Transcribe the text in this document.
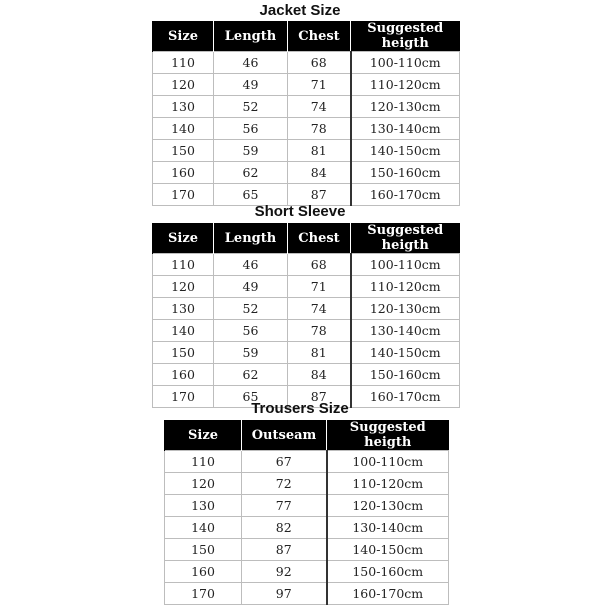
Jacket Size
Size	Length	Chest	Suggested heigth
110	46	68	100-110cm
120	49	71	110-120cm
130	52	74	120-130cm
140	56	78	130-140cm
150	59	81	140-150cm
160	62	84	150-160cm
170	65	87	160-170cm
Short Sleeve
Size	Length	Chest	Suggested heigth
110	46	68	100-110cm
120	49	71	110-120cm
130	52	74	120-130cm
140	56	78	130-140cm
150	59	81	140-150cm
160	62	84	150-160cm
170	65	87	160-170cm
Trousers Size
Size	Outseam	Suggested heigth
110	67	100-110cm
120	72	110-120cm
130	77	120-130cm
140	82	130-140cm
150	87	140-150cm
160	92	150-160cm
170	97	160-170cm
